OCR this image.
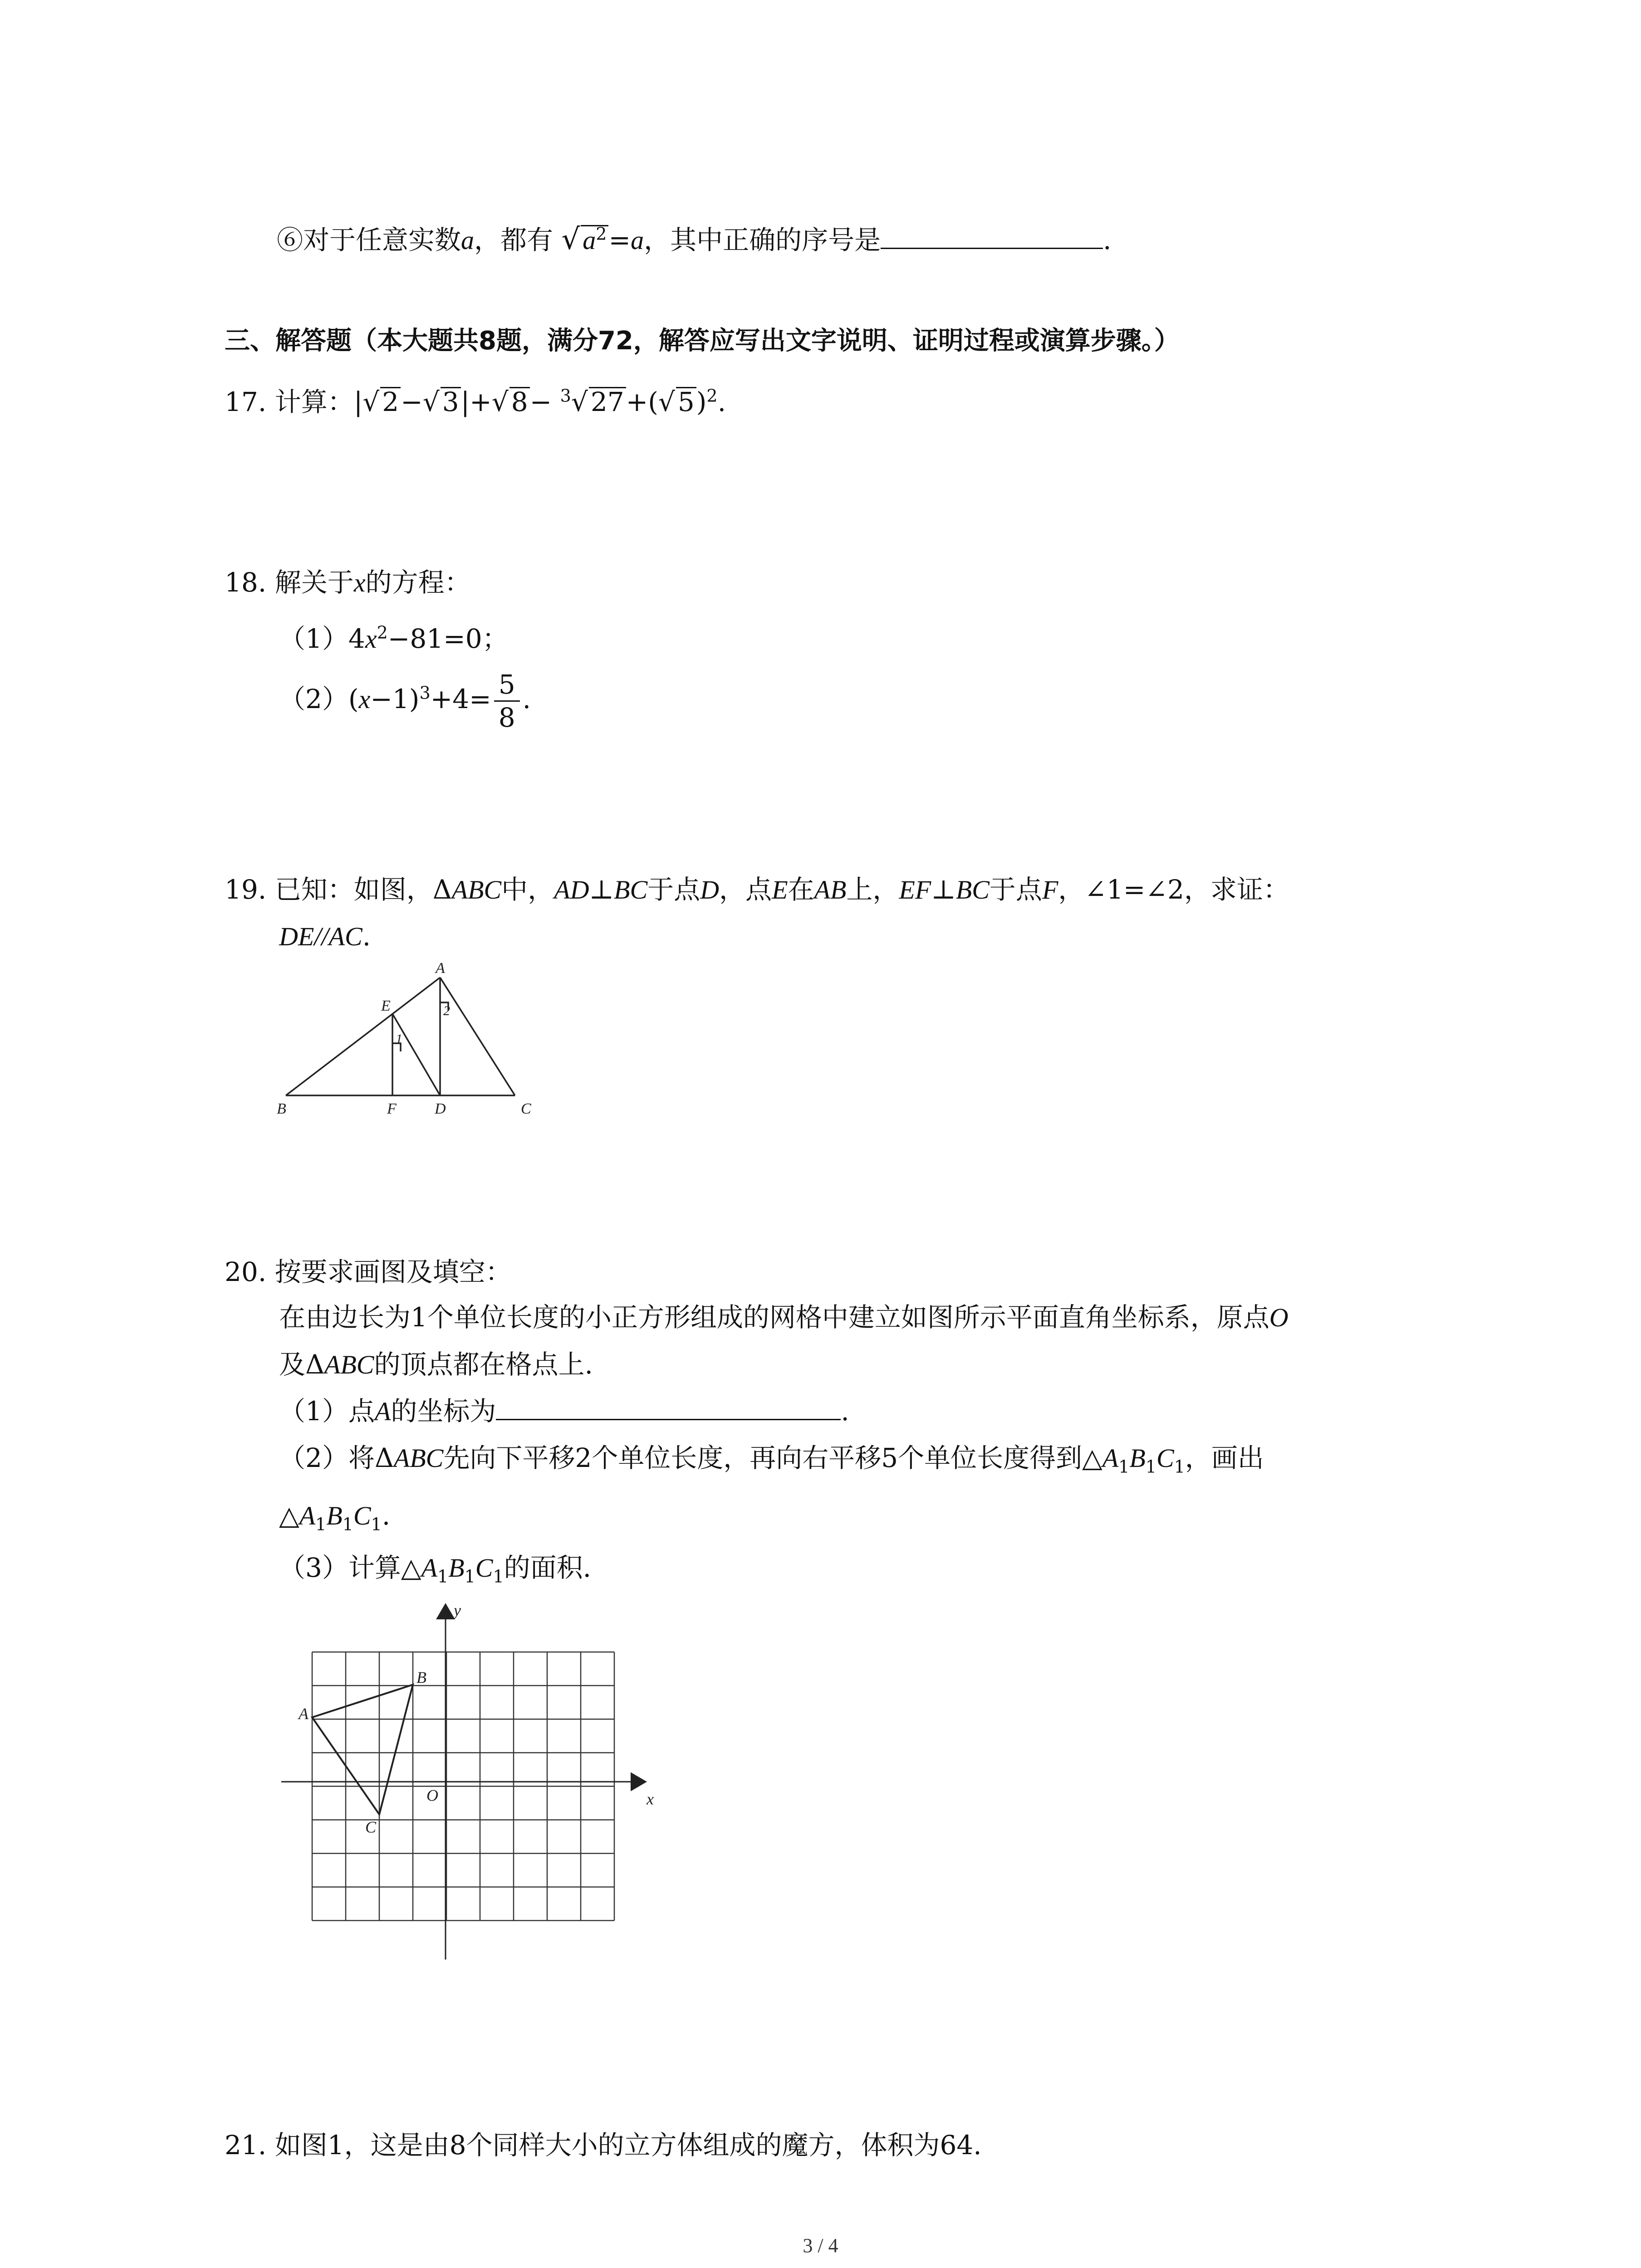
⑥对于任意实数a，都有 √ $a^2=a$，其中正确的序号是	.
三、解答题（本大题共8题，满分72，解答应写出文字说明、证明过程或演算步骤。）
17. 计算：|√ 2−√ 3|+√ 8− $^3$√ 27+(√ 5)$^2$.
18. 解关于x的方程：
$(1)4x^2-81=0$；
$(2)(x-1)^3+4= \frac{5}{8}$ .
19. 已知：如图，ΔABC中，AD⊥BC于点D，点E在AB上，EF⊥BC于点F，∠1=∠2，求证：
DE//AC.
B	C
D
F
E
A
1
2
20. 按要求画图及填空：
在由边长为1个单位长度的小正方形组成的网格中建立如图所示平面直角坐标系，原点O
及ΔABC的顶点都在格点上.
（1）点A的坐标为	.
（2）将ΔABC先向下平移2个单位长度，再向右平移5个单位长度得到$\triangle A_1B_1C_1$，画出
$\triangle A_1B_1C_1$.
（3）计算$\triangle A_1B_1C_1$的面积.
x
y
O
A
B
C
21. 如图1，这是由8个同样大小的立方体组成的魔方，体积为64.
3 / 4
